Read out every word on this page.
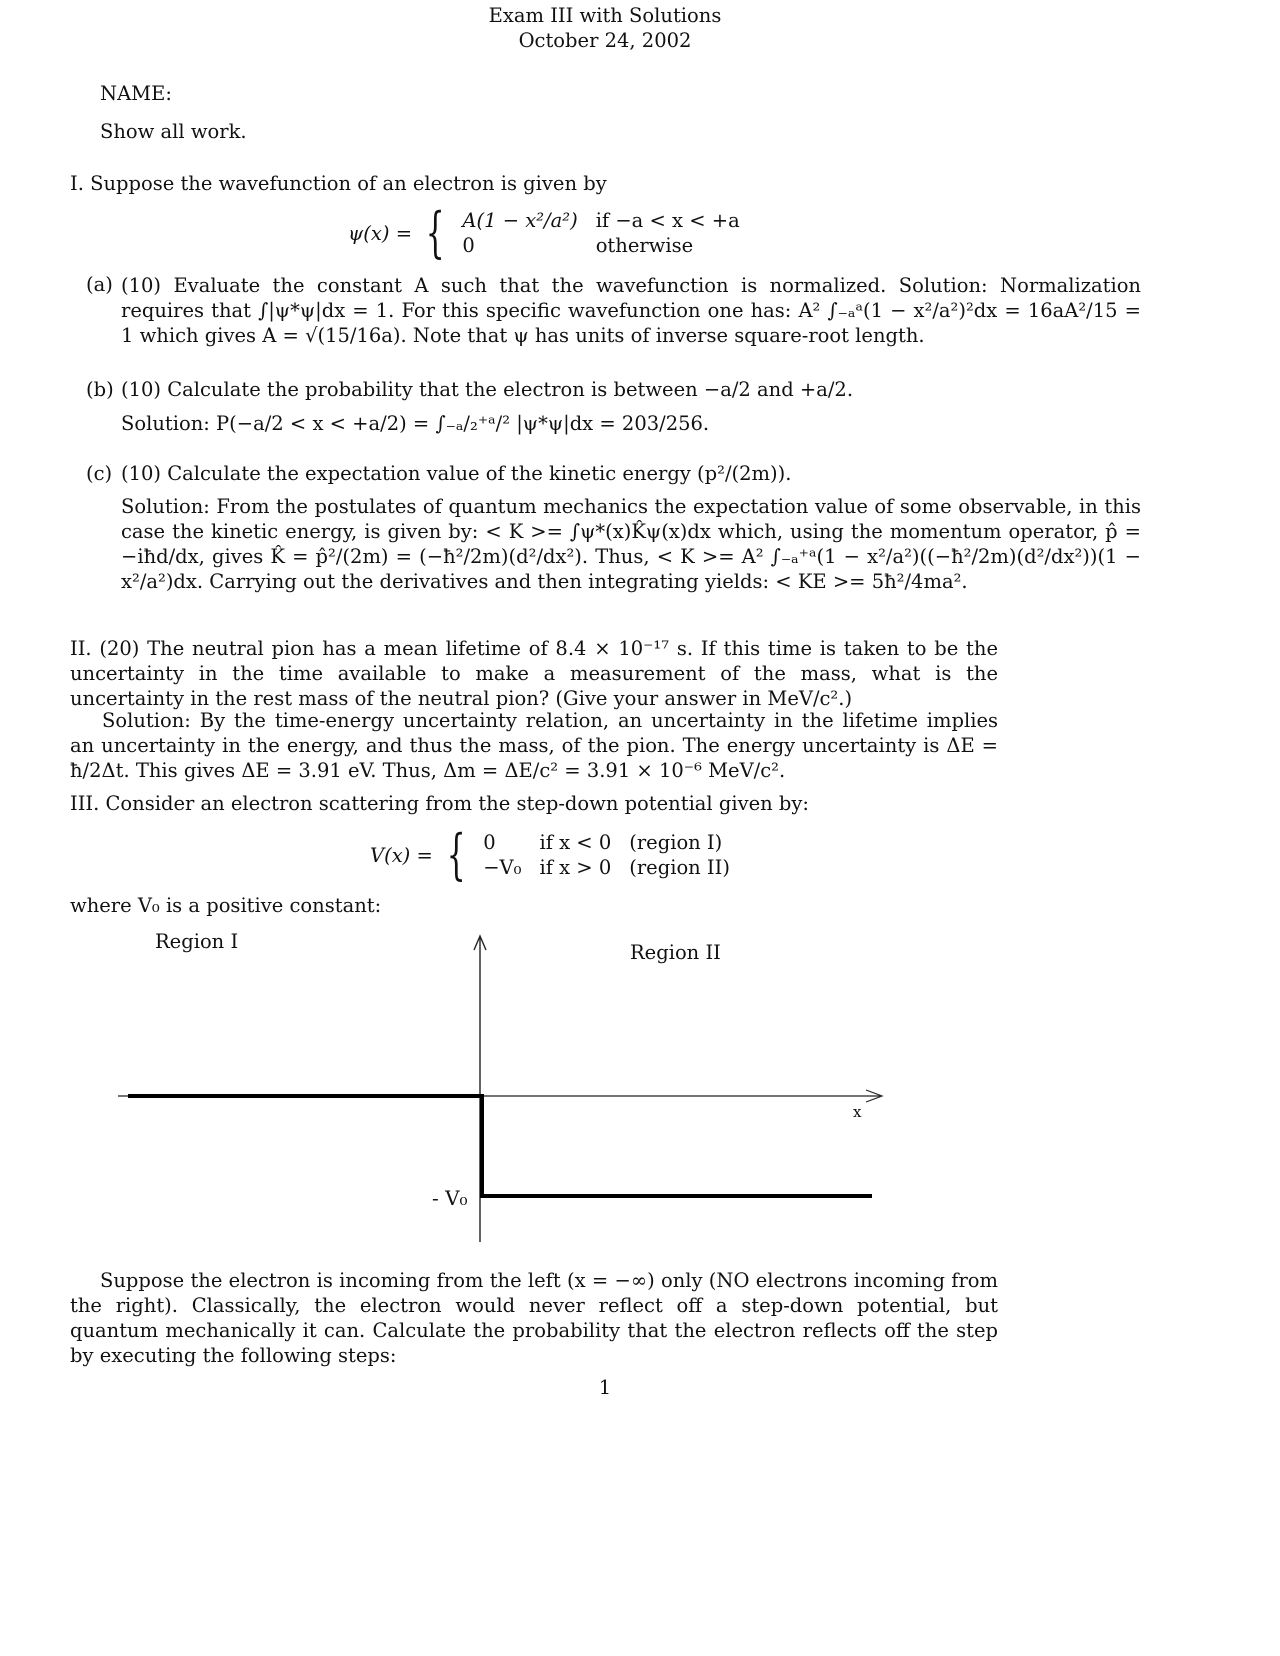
Exam III with Solutions
October 24, 2002
NAME:
Show all work.
I. Suppose the wavefunction of an electron is given by
ψ(x) = { A(1 − x²/a²) if −a < x < +a
0	otherwise
(a) (10) Evaluate the constant A such that the wavefunction is normalized. Solution: Normalization requires that ∫|ψ*ψ|dx = 1. For this specific wavefunction one has: A² ∫₋ₐᵃ(1 − x²/a²)²dx = 16aA²/15 = 1 which gives A = √(15/16a). Note that ψ has units of inverse square-root length.
(b) (10) Calculate the probability that the electron is between −a/2 and +a/2.
Solution: P(−a/2 < x < +a/2) = ∫₋ₐ/₂⁺ᵃ/² |ψ*ψ|dx = 203/256.
(c) (10) Calculate the expectation value of the kinetic energy (p²/(2m)).
Solution: From the postulates of quantum mechanics the expectation value of some observable, in this case the kinetic energy, is given by: < K >= ∫ψ*(x)K̂ψ(x)dx which, using the momentum operator, p̂ = −iħd/dx, gives K̂ = p̂²/(2m) = (−ħ²/2m)(d²/dx²). Thus, < K >= A² ∫₋ₐ⁺ᵃ(1 − x²/a²)((−ħ²/2m)(d²/dx²))(1 − x²/a²)dx. Carrying out the derivatives and then integrating yields: < KE >= 5ħ²/4ma².
II. (20) The neutral pion has a mean lifetime of 8.4 × 10⁻¹⁷ s. If this time is taken to be the uncertainty in the time available to make a measurement of the mass, what is the uncertainty in the rest mass of the neutral pion? (Give your answer in MeV/c².)
Solution: By the time-energy uncertainty relation, an uncertainty in the lifetime implies an uncertainty in the energy, and thus the mass, of the pion. The energy uncertainty is ΔE = ħ/2Δt. This gives ΔE = 3.91 eV. Thus, Δm = ΔE/c² = 3.91 × 10⁻⁶ MeV/c².
III. Consider an electron scattering from the step-down potential given by:
V(x) = { 0	if x < 0 (region I)
−V₀ if x > 0 (region II)
where V₀ is a positive constant:
Region I	Region II
x
- V₀
Suppose the electron is incoming from the left (x = −∞) only (NO electrons incoming from the right). Classically, the electron would never reflect off a step-down potential, but quantum mechanically it can. Calculate the probability that the electron reflects off the step by executing the following steps:
1
